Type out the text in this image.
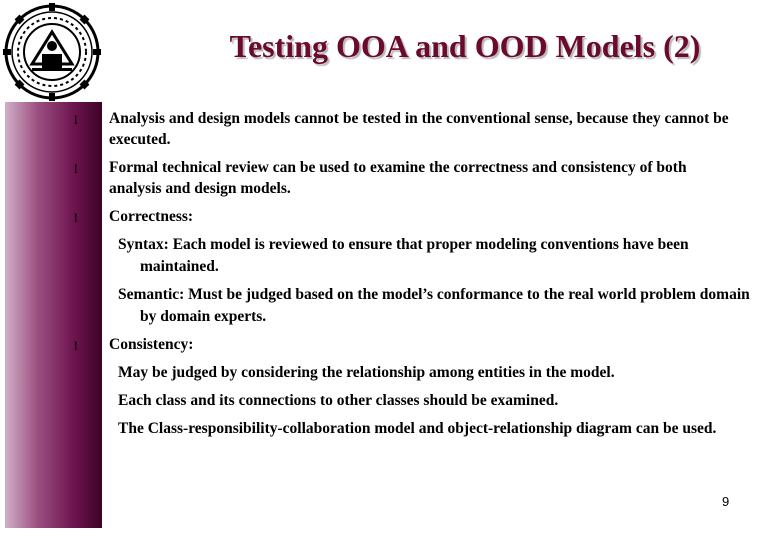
Testing OOA and OOD Models (2)
l Analysis and design models cannot be tested in the conventional sense, because they cannot be executed.
l Formal technical review can be used to examine the correctness and consistency of both analysis and design models.
l Correctness:
Syntax: Each model is reviewed to ensure that proper modeling conventions have been maintained.
Semantic: Must be judged based on the model’s conformance to the real world problem domain by domain experts.
l Consistency:
May be judged by considering the relationship among entities in the model.
Each class and its connections to other classes should be examined.
The Class-responsibility-collaboration model and object-relationship diagram can be used.
9
